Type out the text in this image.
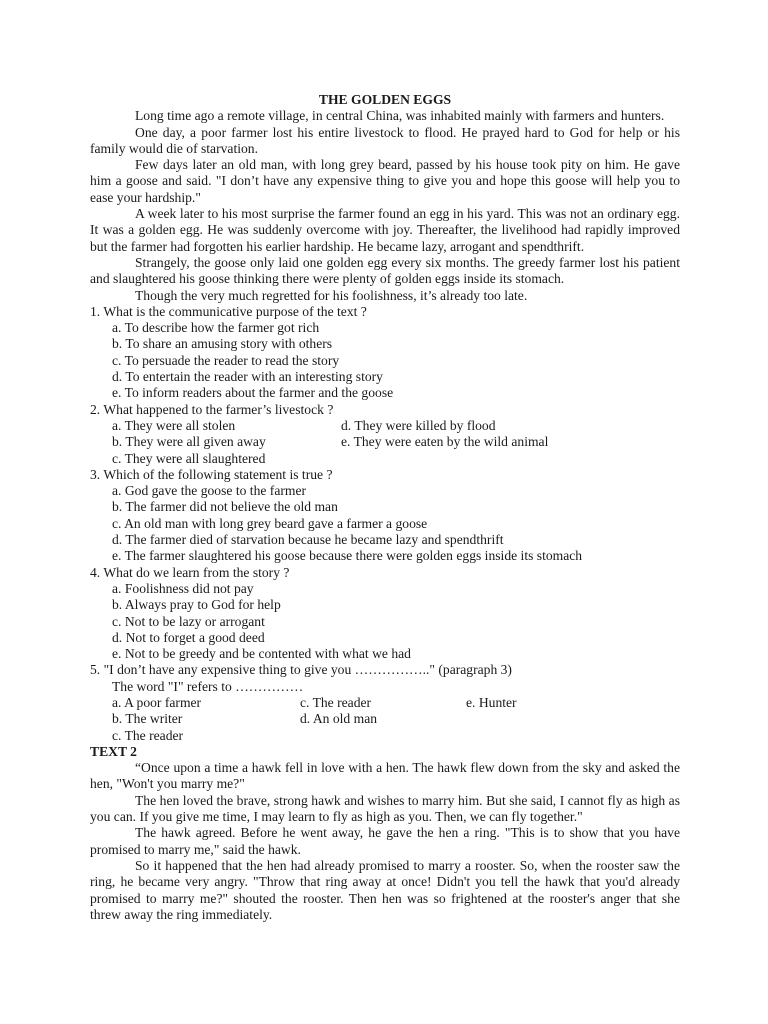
THE GOLDEN EGGS

Long time ago a remote village, in central China, was inhabited mainly with farmers and hunters.

One day, a poor farmer lost his entire livestock to flood. He prayed hard to God for help or his family would die of starvation.

Few days later an old man, with long grey beard, passed by his house took pity on him. He gave him a goose and said. "I don’t have any expensive thing to give you and hope this goose will help you to ease your hardship."

A week later to his most surprise the farmer found an egg in his yard. This was not an ordinary egg. It was a golden egg. He was suddenly overcome with joy. Thereafter, the livelihood had rapidly improved but the farmer had forgotten his earlier hardship. He became lazy, arrogant and spendthrift.

Strangely, the goose only laid one golden egg every six months. The greedy farmer lost his patient and slaughtered his goose thinking there were plenty of golden eggs inside its stomach.

Though the very much regretted for his foolishness, it’s already too late.

1. What is the communicative purpose of the text ?
a. To describe how the farmer got rich
b. To share an amusing story with others
c. To persuade the reader to read the story
d. To entertain the reader with an interesting story
e. To inform readers about the farmer and the goose
2. What happened to the farmer’s livestock ?
a. They were all stolen	d. They were killed by flood
b. They were all given away	e. They were eaten by the wild animal
c. They were all slaughtered
3. Which of the following statement is true ?
a. God gave the goose to the farmer
b. The farmer did not believe the old man
c. An old man with long grey beard gave a farmer a goose
d. The farmer died of starvation because he became lazy and spendthrift
e. The farmer slaughtered his goose because there were golden eggs inside its stomach
4. What do we learn from the story ?
a. Foolishness did not pay
b. Always pray to God for help
c. Not to be lazy or arrogant
d. Not to forget a good deed
e. Not to be greedy and be contented with what we had
5. "I don’t have any expensive thing to give you …………….." (paragraph 3)
The word "I" refers to ……………
a. A poor farmer	c. The reader	e. Hunter
b. The writer	d. An old man
c. The reader
TEXT 2

“Once upon a time a hawk fell in love with a hen. The hawk flew down from the sky and asked the hen, "Won't you marry me?"

The hen loved the brave, strong hawk and wishes to marry him. But she said, I cannot fly as high as you can. If you give me time, I may learn to fly as high as you. Then, we can fly together."

The hawk agreed. Before he went away, he gave the hen a ring. "This is to show that you have promised to marry me," said the hawk.

So it happened that the hen had already promised to marry a rooster. So, when the rooster saw the ring, he became very angry. "Throw that ring away at once! Didn't you tell the hawk that you'd already promised to marry me?" shouted the rooster. Then hen was so frightened at the rooster's anger that she threw away the ring immediately.
